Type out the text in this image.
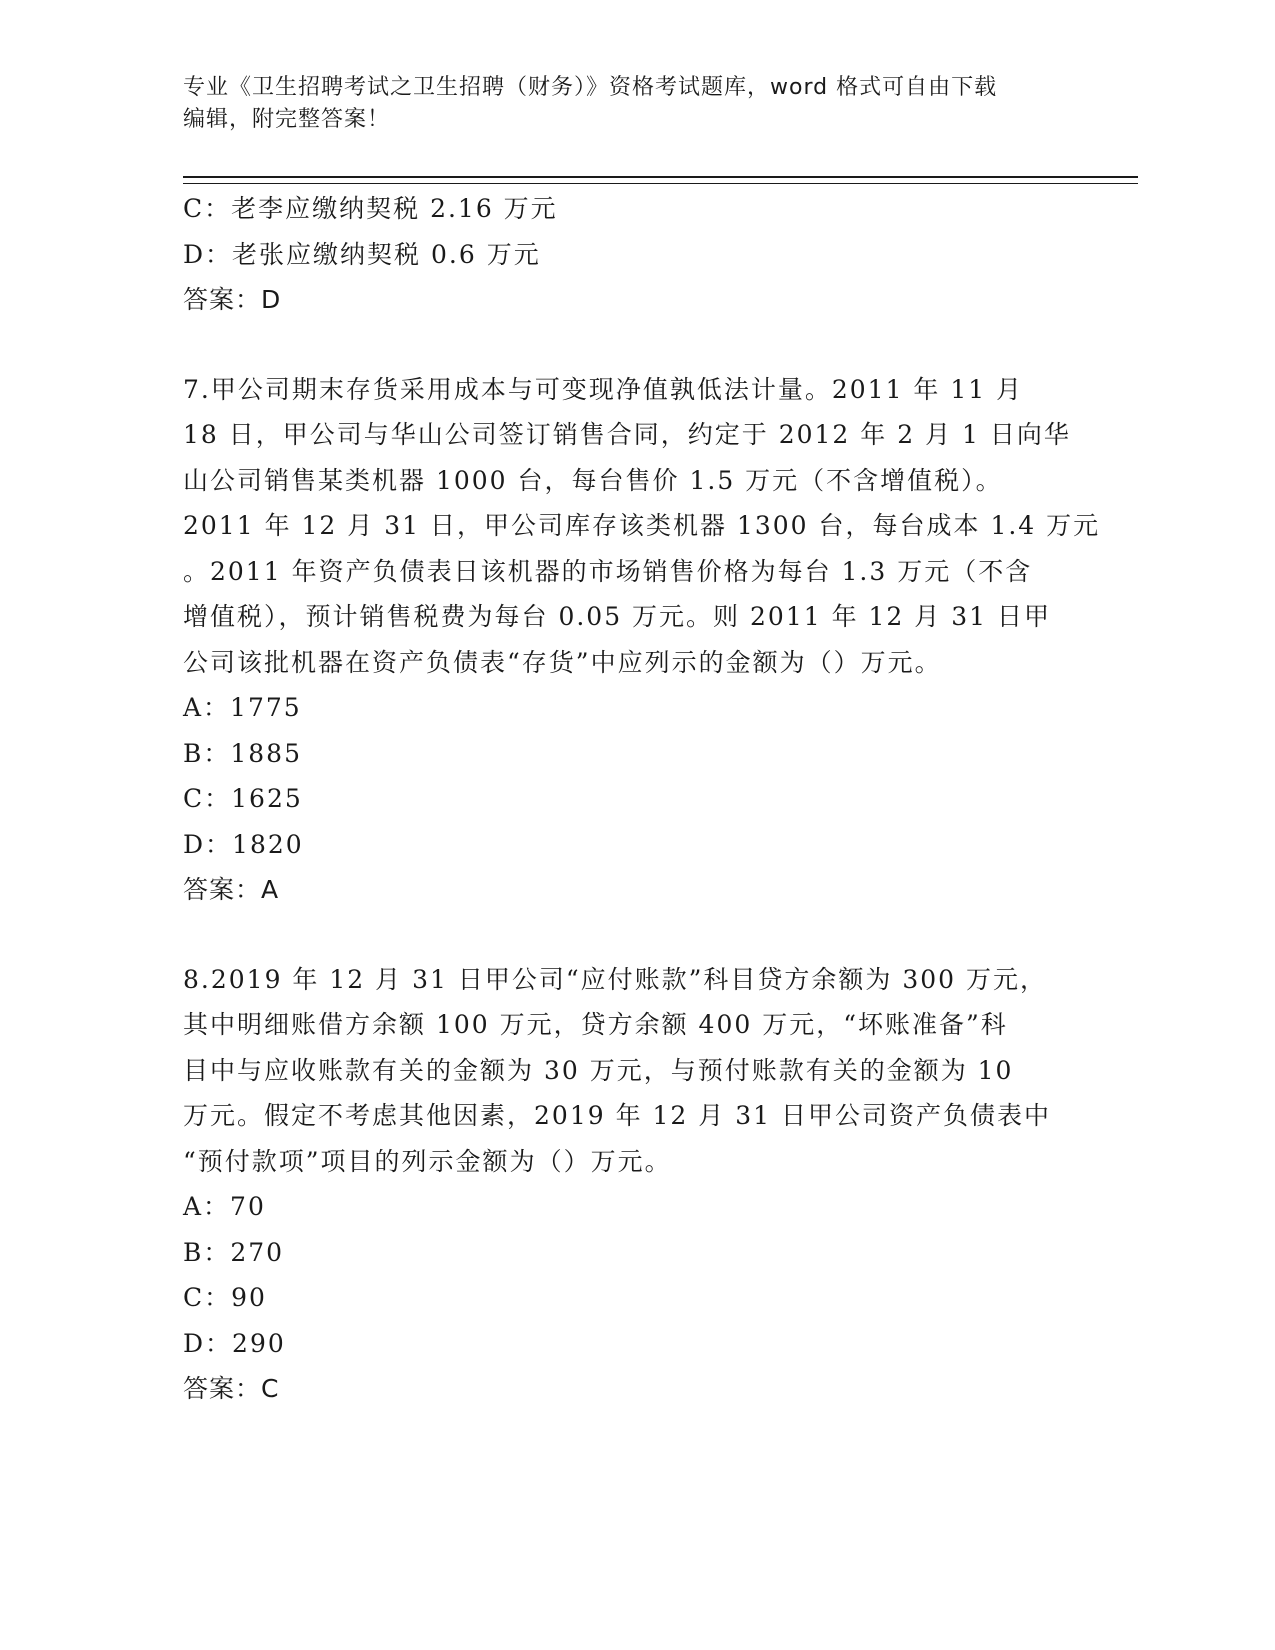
专业《卫生招聘考试之卫生招聘（财务）》资格考试题库，word 格式可自由下载
编辑，附完整答案！
C：老李应缴纳契税 2.16 万元
D：老张应缴纳契税 0.6 万元
答案：D
7.甲公司期末存货采用成本与可变现净值孰低法计量。2011 年 11 月
18 日，甲公司与华山公司签订销售合同，约定于 2012 年 2 月 1 日向华
山公司销售某类机器 1000 台，每台售价 1.5 万元（不含增值税）。
2011 年 12 月 31 日，甲公司库存该类机器 1300 台，每台成本 1.4 万元
。2011 年资产负债表日该机器的市场销售价格为每台 1.3 万元（不含
增值税），预计销售税费为每台 0.05 万元。则 2011 年 12 月 31 日甲
公司该批机器在资产负债表“存货”中应列示的金额为（）万元。
A：1775
B：1885
C：1625
D：1820
答案：A
8.2019 年 12 月 31 日甲公司“应付账款”科目贷方余额为 300 万元，
其中明细账借方余额 100 万元，贷方余额 400 万元，“坏账准备”科
目中与应收账款有关的金额为 30 万元，与预付账款有关的金额为 10
万元。假定不考虑其他因素，2019 年 12 月 31 日甲公司资产负债表中
“预付款项”项目的列示金额为（）万元。
A：70
B：270
C：90
D：290
答案：C
